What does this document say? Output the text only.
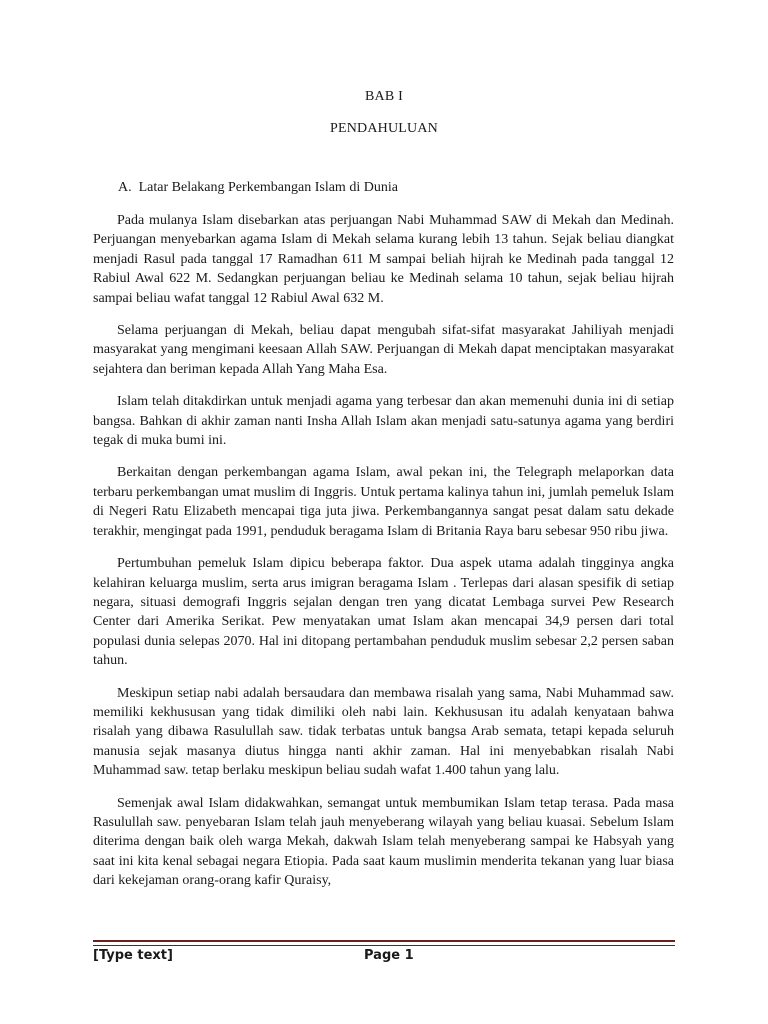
BAB I
PENDAHULUAN
A. Latar Belakang Perkembangan Islam di Dunia

Pada mulanya Islam disebarkan atas perjuangan Nabi Muhammad SAW di Mekah dan Medinah. Perjuangan menyebarkan agama Islam di Mekah selama kurang lebih 13 tahun. Sejak beliau diangkat menjadi Rasul pada tanggal 17 Ramadhan 611 M sampai beliah hijrah ke Medinah pada tanggal 12 Rabiul Awal 622 M. Sedangkan perjuangan beliau ke Medinah selama 10 tahun, sejak beliau hijrah sampai beliau wafat tanggal 12 Rabiul Awal 632 M.

Selama perjuangan di Mekah, beliau dapat mengubah sifat-sifat masyarakat Jahiliyah menjadi masyarakat yang mengimani keesaan Allah SAW. Perjuangan di Mekah dapat menciptakan masyarakat sejahtera dan beriman kepada Allah Yang Maha Esa.

Islam telah ditakdirkan untuk menjadi agama yang terbesar dan akan memenuhi dunia ini di setiap bangsa. Bahkan di akhir zaman nanti Insha Allah Islam akan menjadi satu-satunya agama yang berdiri tegak di muka bumi ini.

Berkaitan dengan perkembangan agama Islam, awal pekan ini, the Telegraph melaporkan data terbaru perkembangan umat muslim di Inggris. Untuk pertama kalinya tahun ini, jumlah pemeluk Islam di Negeri Ratu Elizabeth mencapai tiga juta jiwa. Perkembangannya sangat pesat dalam satu dekade terakhir, mengingat pada 1991, penduduk beragama Islam di Britania Raya baru sebesar 950 ribu jiwa.

Pertumbuhan pemeluk Islam dipicu beberapa faktor. Dua aspek utama adalah tingginya angka kelahiran keluarga muslim, serta arus imigran beragama Islam . Terlepas dari alasan spesifik di setiap negara, situasi demografi Inggris sejalan dengan tren yang dicatat Lembaga survei Pew Research Center dari Amerika Serikat. Pew menyatakan umat Islam akan mencapai 34,9 persen dari total populasi dunia selepas 2070. Hal ini ditopang pertambahan penduduk muslim sebesar 2,2 persen saban tahun.

Meskipun setiap nabi adalah bersaudara dan membawa risalah yang sama, Nabi Muhammad saw. memiliki kekhususan yang tidak dimiliki oleh nabi lain. Kekhususan itu adalah kenyataan bahwa risalah yang dibawa Rasulullah saw. tidak terbatas untuk bangsa Arab semata, tetapi kepada seluruh manusia sejak masanya diutus hingga nanti akhir zaman. Hal ini menyebabkan risalah Nabi Muhammad saw. tetap berlaku meskipun beliau sudah wafat 1.400 tahun yang lalu.

Semenjak awal Islam didakwahkan, semangat untuk membumikan Islam tetap terasa. Pada masa Rasulullah saw. penyebaran Islam telah jauh menyeberang wilayah yang beliau kuasai. Sebelum Islam diterima dengan baik oleh warga Mekah, dakwah Islam telah menyeberang sampai ke Habsyah yang saat ini kita kenal sebagai negara Etiopia. Pada saat kaum muslimin menderita tekanan yang luar biasa dari kekejaman orang-orang kafir Quraisy,

[Type text]	Page 1
